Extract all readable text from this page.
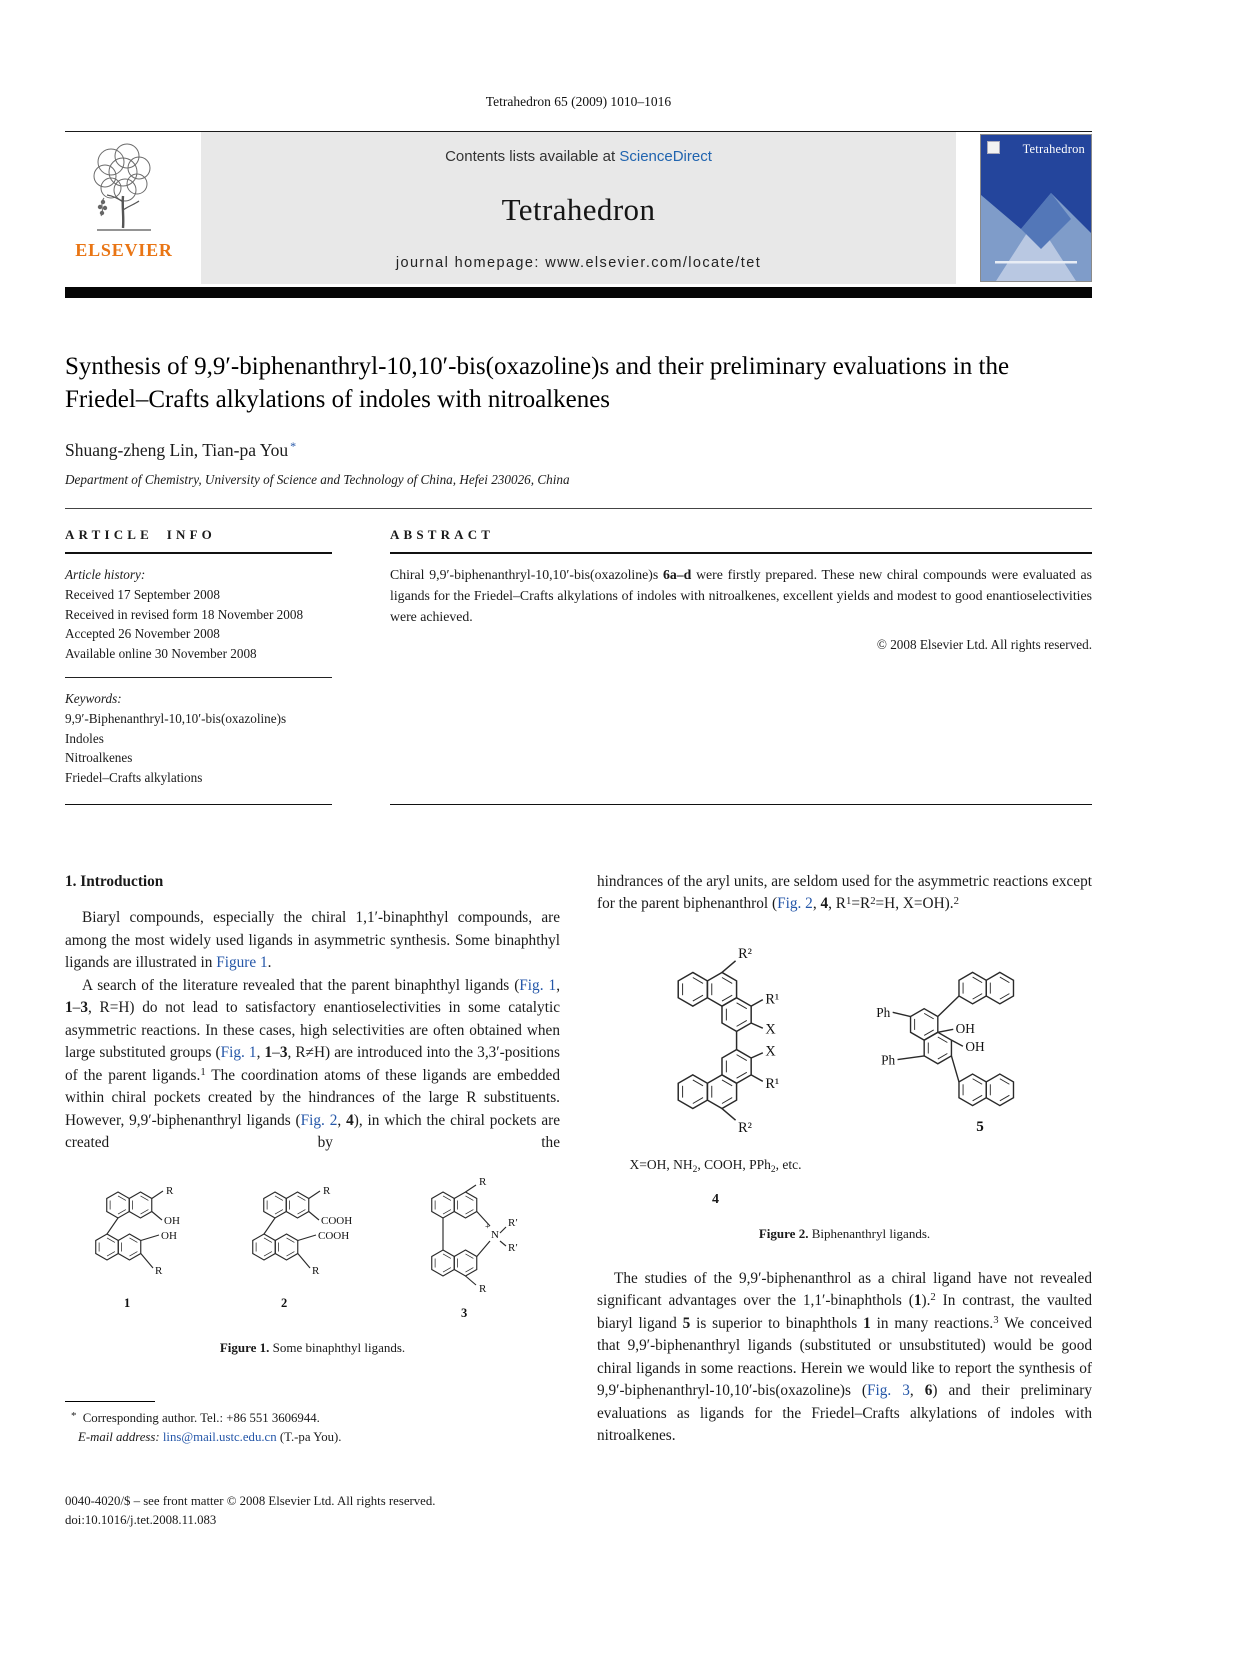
Tetrahedron 65 (2009) 1010–1016
ELSEVIER
Contents lists available at ScienceDirect
Tetrahedron
journal homepage: www.elsevier.com/locate/tet
Tetrahedron
Synthesis of 9,9′-biphenanthryl-10,10′-bis(oxazoline)s and their preliminary evaluations in the Friedel–Crafts alkylations of indoles with nitroalkenes
Shuang-zheng Lin, Tian-pa You *
Department of Chemistry, University of Science and Technology of China, Hefei 230026, China
ARTICLE INFO
Article history:
Received 17 September 2008
Received in revised form 18 November 2008
Accepted 26 November 2008
Available online 30 November 2008
Keywords:
9,9′-Biphenanthryl-10,10′-bis(oxazoline)s
Indoles
Nitroalkenes
Friedel–Crafts alkylations
ABSTRACT

Chiral 9,9′-biphenanthryl-10,10′-bis(oxazoline)s 6a–d were firstly prepared. These new chiral compounds were evaluated as ligands for the Friedel–Crafts alkylations of indoles with nitroalkenes, excellent yields and modest to good enantioselectivities were achieved.

© 2008 Elsevier Ltd. All rights reserved.
1. Introduction

Biaryl compounds, especially the chiral 1,1′-binaphthyl compounds, are among the most widely used ligands in asymmetric synthesis. Some binaphthyl ligands are illustrated in Figure 1.

A search of the literature revealed that the parent binaphthyl ligands (Fig. 1, 1–3, R=H) do not lead to satisfactory enantioselectivities in some catalytic asymmetric reactions. In these cases, high selectivities are often obtained when large substituted groups (Fig. 1, 1–3, R≠H) are introduced into the 3,3′-positions of the parent ligands.$^1$ The coordination atoms of these ligands are embedded within chiral pockets created by the hindrances of the large R substituents. However, 9,9′-biphenanthryl ligands (Fig. 2, 4), in which the chiral pockets are created by the

R
OH
OH
R
1
R
COOH
COOH
R
2
R
+
N
R′
R′
R
3
Figure 1. Some binaphthyl ligands.
* Corresponding author. Tel.: +86 551 3606944.
E-mail address: lins@mail.ustc.edu.cn (T.-pa You).
0040-4020/$ – see front matter © 2008 Elsevier Ltd. All rights reserved.
doi:10.1016/j.tet.2008.11.083

hindrances of the aryl units, are seldom used for the asymmetric reactions except for the parent biphenanthrol (Fig. 2, 4, $R^1=R^2=H$, X=OH).$^2$

R²
R¹
X
X
R¹
R²
X=OH, $NH_2$, COOH, PPh$_2$, etc.
4
Ph
Ph
OH
OH
5
Figure 2. Biphenanthryl ligands.

The studies of the 9,9′-biphenanthrol as a chiral ligand have not revealed significant advantages over the 1,1′-binaphthols (1).$^2$ In contrast, the vaulted biaryl ligand 5 is superior to binaphthols 1 in many reactions.$^3$ We conceived that 9,9′-biphenanthryl ligands (substituted or unsubstituted) would be good chiral ligands in some reactions. Herein we would like to report the synthesis of 9,9′-biphenanthryl-10,10′-bis(oxazoline)s (Fig. 3, 6) and their preliminary evaluations as ligands for the Friedel–Crafts alkylations of indoles with nitroalkenes.
